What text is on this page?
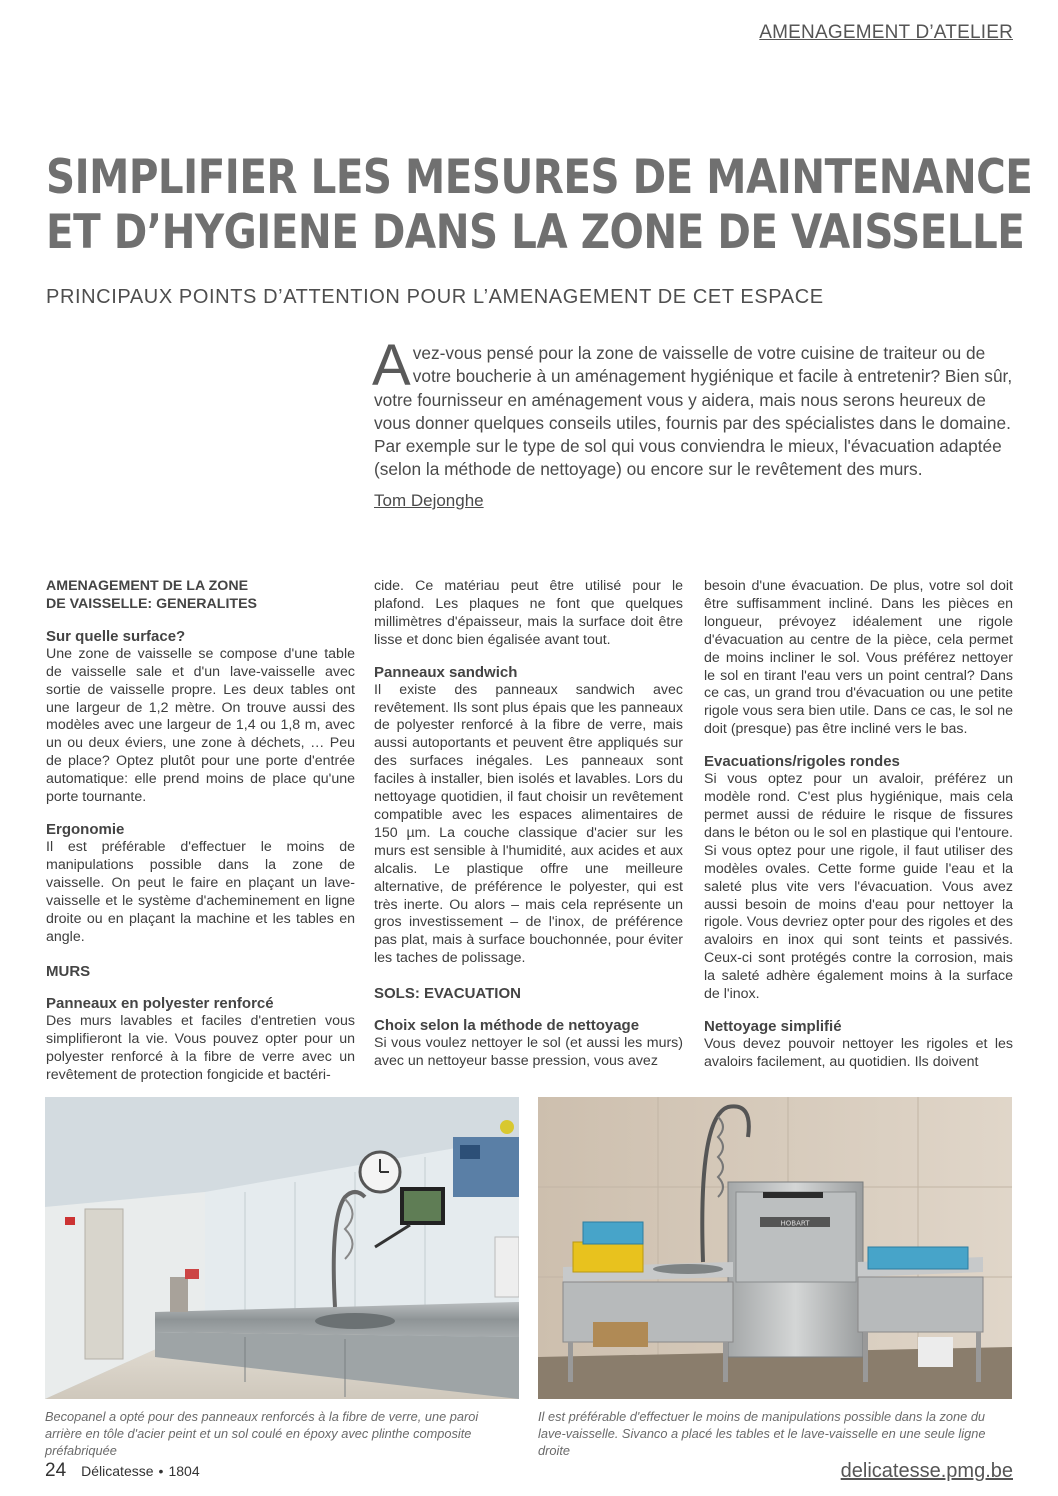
AMENAGEMENT D’ATELIER
SIMPLIFIER LES MESURES DE MAINTENANCE
ET D’HYGIENE DANS LA ZONE DE VAISSELLE
PRINCIPAUX POINTS D’ATTENTION POUR L’AMENAGEMENT DE CET ESPACE
Avez-vous pensé pour la zone de vaisselle de votre cuisine de traiteur ou de votre boucherie à un aménagement hygiénique et facile à entretenir? Bien sûr, votre fournisseur en aménagement vous y aidera, mais nous serons heureux de vous donner quelques conseils utiles, fournis par des spécialistes dans le domaine. Par exemple sur le type de sol qui vous conviendra le mieux, l'évacuation adaptée (selon la méthode de nettoyage) ou encore sur le revêtement des murs.
Tom Dejonghe
AMENAGEMENT DE LA ZONE
DE VAISSELLE: GENERALITES
Sur quelle surface?

Une zone de vaisselle se compose d'une table de vaisselle sale et d'un lave-vaisselle avec sortie de vaisselle propre. Les deux tables ont une largeur de 1,2 mètre. On trouve aussi des modèles avec une largeur de 1,4 ou 1,8 m, avec un ou deux éviers, une zone à déchets, … Peu de place? Optez plutôt pour une porte d'entrée automatique: elle prend moins de place qu'une porte tournante.

Ergonomie

Il est préférable d'effectuer le moins de manipulations possible dans la zone de vaisselle. On peut le faire en plaçant un lave-vaisselle et le système d'acheminement en ligne droite ou en plaçant la machine et les tables en angle.

MURS
Panneaux en polyester renforcé

Des murs lavables et faciles d'entretien vous simplifieront la vie. Vous pouvez opter pour un polyester renforcé à la fibre de verre avec un revêtement de protection fongicide et bactéri-

cide. Ce matériau peut être utilisé pour le plafond. Les plaques ne font que quelques millimètres d'épaisseur, mais la surface doit être lisse et donc bien égalisée avant tout.

Panneaux sandwich

Il existe des panneaux sandwich avec revêtement. Ils sont plus épais que les panneaux de polyester renforcé à la fibre de verre, mais aussi autoportants et peuvent être appliqués sur des surfaces inégales. Les panneaux sont faciles à installer, bien isolés et lavables. Lors du nettoyage quotidien, il faut choisir un revêtement compatible avec les espaces alimentaires de 150 µm. La couche classique d'acier sur les murs est sensible à l'humidité, aux acides et aux alcalis. Le plastique offre une meilleure alternative, de préférence le polyester, qui est très inerte. Ou alors – mais cela représente un gros investissement – de l'inox, de préférence pas plat, mais à surface bouchonnée, pour éviter les taches de polissage.

SOLS: EVACUATION
Choix selon la méthode de nettoyage

Si vous voulez nettoyer le sol (et aussi les murs) avec un nettoyeur basse pression, vous avez

besoin d'une évacuation. De plus, votre sol doit être suffisamment incliné. Dans les pièces en longueur, prévoyez idéalement une rigole d'évacuation au centre de la pièce, cela permet de moins incliner le sol. Vous préférez nettoyer le sol en tirant l'eau vers un point central? Dans ce cas, un grand trou d'évacuation ou une petite rigole vous sera bien utile. Dans ce cas, le sol ne doit (presque) pas être incliné vers le bas.

Evacuations/rigoles rondes

Si vous optez pour un avaloir, préférez un modèle rond. C'est plus hygiénique, mais cela permet aussi de réduire le risque de fissures dans le béton ou le sol en plastique qui l'entoure. Si vous optez pour une rigole, il faut utiliser des modèles ovales. Cette forme guide l'eau et la saleté plus vite vers l'évacuation. Vous avez aussi besoin de moins d'eau pour nettoyer la rigole. Vous devriez opter pour des rigoles et des avaloirs en inox qui sont teints et passivés. Ceux-ci sont protégés contre la corrosion, mais la saleté adhère également moins à la surface de l'inox.

Nettoyage simplifié

Vous devez pouvoir nettoyer les rigoles et les avaloirs facilement, au quotidien. Ils doivent

HOBART
Becopanel a opté pour des panneaux renforcés à la fibre de verre, une paroi arrière en tôle d'acier peint et un sol coulé en époxy avec plinthe composite préfabriquée
Il est préférable d'effectuer le moins de manipulations possible dans la zone du lave-vaisselle. Sivanco a placé les tables et le lave-vaisselle en une seule ligne droite
24 Délicatesse • 1804	delicatesse.pmg.be
